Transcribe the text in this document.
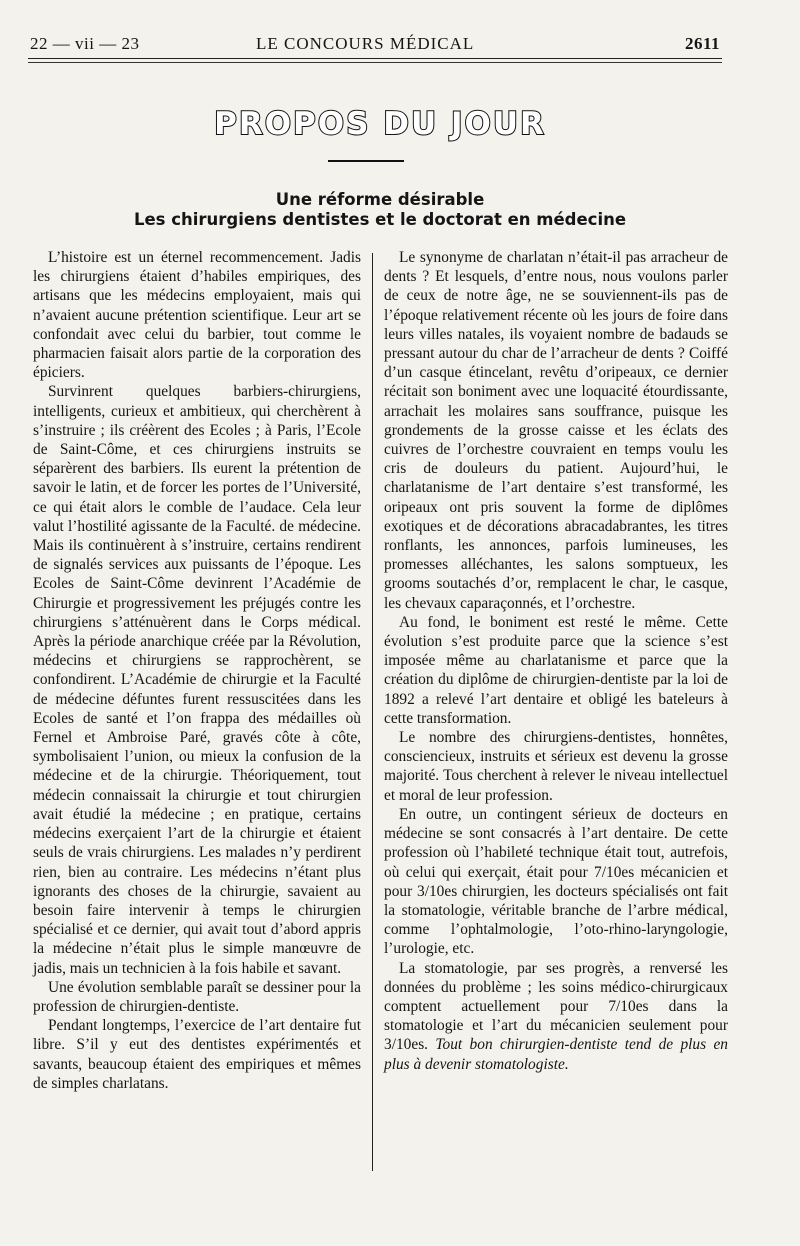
22 — vii — 23	LE CONCOURS MÉDICAL	2611
PROPOS DU JOUR
Une réforme désirable
Les chirurgiens dentistes et le doctorat en médecine

L’histoire est un éternel recommencement. Jadis les chirurgiens étaient d’habiles empiriques, des artisans que les médecins employaient, mais qui n’avaient aucune prétention scientifique. Leur art se confondait avec celui du barbier, tout comme le pharmacien faisait alors partie de la corporation des épiciers.

Survinrent quelques barbiers-chirurgiens, intelligents, curieux et ambitieux, qui cherchèrent à s’instruire ; ils créèrent des Ecoles ; à Paris, l’Ecole de Saint-Côme, et ces chirurgiens instruits se séparèrent des barbiers. Ils eurent la prétention de savoir le latin, et de forcer les portes de l’Université, ce qui était alors le comble de l’audace. Cela leur valut l’hostilité agissante de la Faculté. de médecine. Mais ils continuèrent à s’instruire, certains rendirent de signalés services aux puissants de l’époque. Les Ecoles de Saint-Côme devinrent l’Académie de Chirurgie et progressivement les préjugés contre les chirurgiens s’atténuèrent dans le Corps médical. Après la période anarchique créée par la Révolution, médecins et chirurgiens se rapprochèrent, se confondirent. L’Académie de chirurgie et la Faculté de médecine défuntes furent ressuscitées dans les Ecoles de santé et l’on frappa des médailles où Fernel et Ambroise Paré, gravés côte à côte, symbolisaient l’union, ou mieux la confusion de la médecine et de la chirurgie. Théoriquement, tout médecin connaissait la chirurgie et tout chirurgien avait étudié la médecine ; en pratique, certains médecins exerçaient l’art de la chirurgie et étaient seuls de vrais chirurgiens. Les malades n’y perdirent rien, bien au contraire. Les médecins n’étant plus ignorants des choses de la chirurgie, savaient au besoin faire intervenir à temps le chirurgien spécialisé et ce dernier, qui avait tout d’abord appris la médecine n’était plus le simple manœuvre de jadis, mais un technicien à la fois habile et savant.

Une évolution semblable paraît se dessiner pour la profession de chirurgien-dentiste.

Pendant longtemps, l’exercice de l’art dentaire fut libre. S’il y eut des dentistes expérimentés et savants, beaucoup étaient des empiriques et mêmes de simples charlatans.

Le synonyme de charlatan n’était-il pas arracheur de dents ? Et lesquels, d’entre nous, nous voulons parler de ceux de notre âge, ne se souviennent-ils pas de l’époque relativement récente où les jours de foire dans leurs villes natales, ils voyaient nombre de badauds se pressant autour du char de l’arracheur de dents ? Coiffé d’un casque étincelant, revêtu d’oripeaux, ce dernier récitait son boniment avec une loquacité étourdissante, arrachait les molaires sans souffrance, puisque les grondements de la grosse caisse et les éclats des cuivres de l’orchestre couvraient en temps voulu les cris de douleurs du patient. Aujourd’hui, le charlatanisme de l’art dentaire s’est transformé, les oripeaux ont pris souvent la forme de diplômes exotiques et de décorations abracadabrantes, les titres ronflants, les annonces, parfois lumineuses, les promesses alléchantes, les salons somptueux, les grooms soutachés d’or, remplacent le char, le casque, les chevaux caparaçonnés, et l’orchestre.

Au fond, le boniment est resté le même. Cette évolution s’est produite parce que la science s’est imposée même au charlatanisme et parce que la création du diplôme de chirurgien-dentiste par la loi de 1892 a relevé l’art dentaire et obligé les bateleurs à cette transformation.

Le nombre des chirurgiens-dentistes, honnêtes, consciencieux, instruits et sérieux est devenu la grosse majorité. Tous cherchent à relever le niveau intellectuel et moral de leur profession.

En outre, un contingent sérieux de docteurs en médecine se sont consacrés à l’art dentaire. De cette profession où l’habileté technique était tout, autrefois, où celui qui exerçait, était pour 7/10es mécanicien et pour 3/10es chirurgien, les docteurs spécialisés ont fait la stomatologie, véritable branche de l’arbre médical, comme l’ophtalmologie, l’oto-rhino-laryngologie, l’urologie, etc.

La stomatologie, par ses progrès, a renversé les données du problème ; les soins médico-chirurgicaux comptent actuellement pour 7/10es dans la stomatologie et l’art du mécanicien seulement pour 3/10es. Tout bon chirurgien-dentiste tend de plus en plus à devenir stomatologiste.
